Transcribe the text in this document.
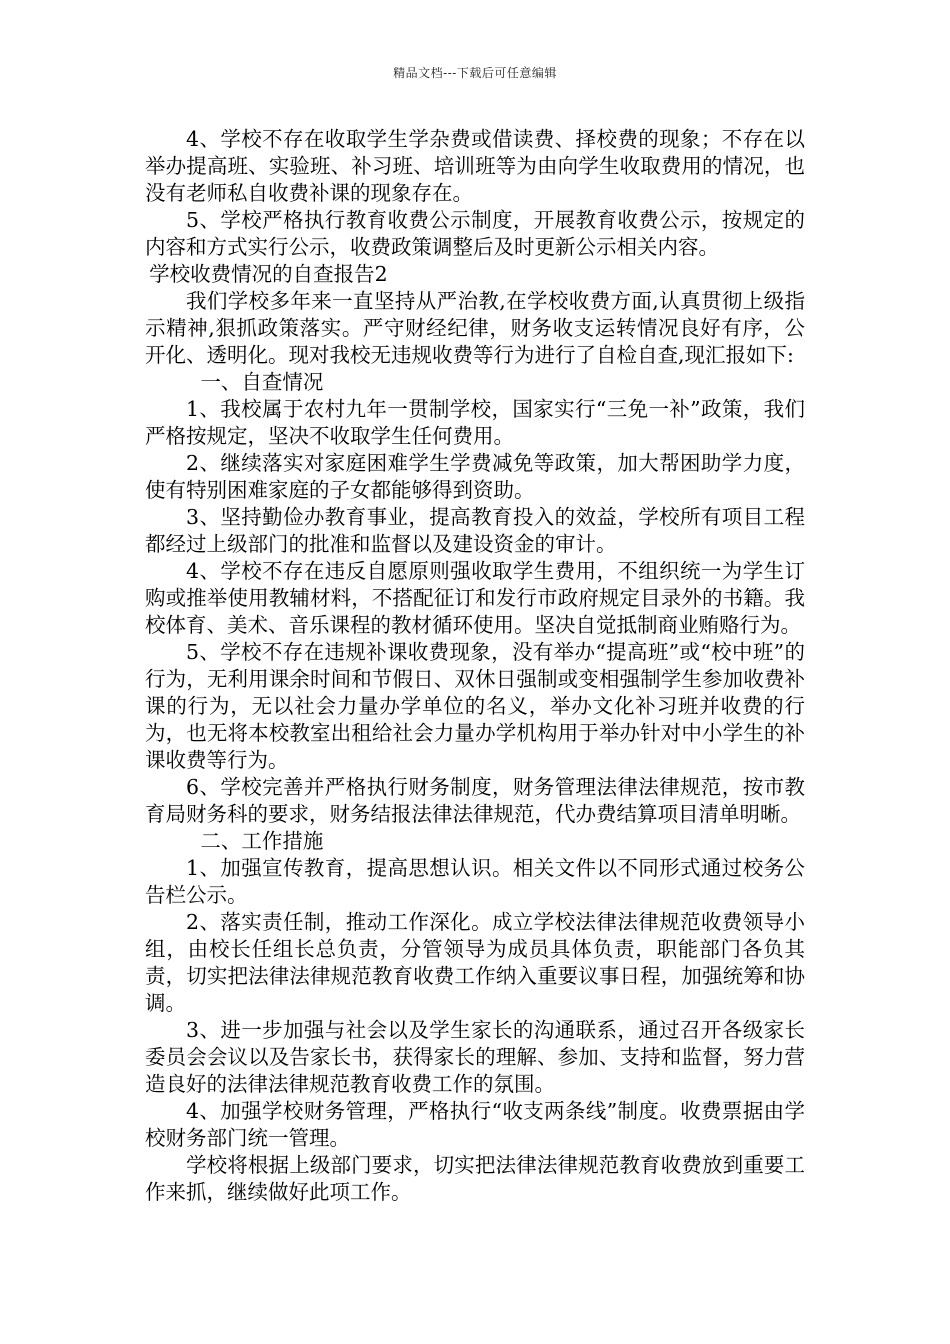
精品文档---下载后可任意编辑

4、学校不存在收取学生学杂费或借读费、择校费的现象；不存在以举办提高班、实验班、补习班、培训班等为由向学生收取费用的情况，也没有老师私自收费补课的现象存在。

5、学校严格执行教育收费公示制度，开展教育收费公示，按规定的内容和方式实行公示，收费政策调整后及时更新公示相关内容。

学校收费情况的自查报告2

我们学校多年来一直坚持从严治教,在学校收费方面,认真贯彻上级指示精神,狠抓政策落实。严守财经纪律，财务收支运转情况良好有序，公开化、透明化。现对我校无违规收费等行为进行了自检自查,现汇报如下:

一、自查情况

1、我校属于农村九年一贯制学校，国家实行“三免一补”政策，我们严格按规定，坚决不收取学生任何费用。

2、继续落实对家庭困难学生学费减免等政策，加大帮困助学力度，使有特别困难家庭的子女都能够得到资助。

3、坚持勤俭办教育事业，提高教育投入的效益，学校所有项目工程都经过上级部门的批准和监督以及建设资金的审计。

4、学校不存在违反自愿原则强收取学生费用，不组织统一为学生订购或推举使用教辅材料，不搭配征订和发行市政府规定目录外的书籍。我校体育、美术、音乐课程的教材循环使用。坚决自觉抵制商业贿赂行为。

5、学校不存在违规补课收费现象，没有举办“提高班”或“校中班”的行为，无利用课余时间和节假日、双休日强制或变相强制学生参加收费补课的行为，无以社会力量办学单位的名义，举办文化补习班并收费的行为，也无将本校教室出租给社会力量办学机构用于举办针对中小学生的补课收费等行为。

6、学校完善并严格执行财务制度，财务管理法律法律规范，按市教育局财务科的要求，财务结报法律法律规范，代办费结算项目清单明晰。

二、工作措施

1、加强宣传教育，提高思想认识。相关文件以不同形式通过校务公告栏公示。

2、落实责任制，推动工作深化。成立学校法律法律规范收费领导小组，由校长任组长总负责，分管领导为成员具体负责，职能部门各负其责，切实把法律法律规范教育收费工作纳入重要议事日程，加强统筹和协调。

3、进一步加强与社会以及学生家长的沟通联系，通过召开各级家长委员会会议以及告家长书，获得家长的理解、参加、支持和监督，努力营造良好的法律法律规范教育收费工作的氛围。

4、加强学校财务管理，严格执行“收支两条线”制度。收费票据由学校财务部门统一管理。

学校将根据上级部门要求，切实把法律法律规范教育收费放到重要工作来抓，继续做好此项工作。
